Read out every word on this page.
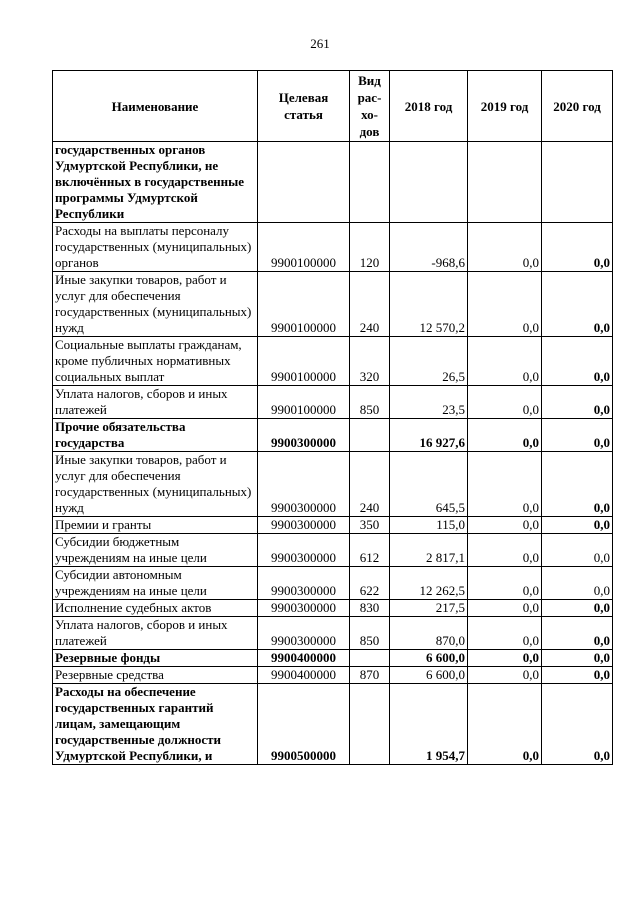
261
Наименование	Целевая статья	Вид рас-хо-дов	2018 год	2019 год	2020 год
государственных органов Удмуртской Республики, не включённых в государственные программы Удмуртской Республики					
Расходы на выплаты персоналу государственных (муниципальных) органов	9900100000	120	-968,6	0,0	0,0
Иные закупки товаров, работ и услуг для обеспечения государственных (муниципальных) нужд	9900100000	240	12 570,2	0,0	0,0
Социальные выплаты гражданам, кроме публичных нормативных социальных выплат	9900100000	320	26,5	0,0	0,0
Уплата налогов, сборов и иных платежей	9900100000	850	23,5	0,0	0,0
Прочие обязательства государства	9900300000		16 927,6	0,0	0,0
Иные закупки товаров, работ и услуг для обеспечения государственных (муниципальных) нужд	9900300000	240	645,5	0,0	0,0
Премии и гранты	9900300000	350	115,0	0,0	0,0
Субсидии бюджетным учреждениям на иные цели	9900300000	612	2 817,1	0,0	0,0
Субсидии автономным учреждениям на иные цели	9900300000	622	12 262,5	0,0	0,0
Исполнение судебных актов	9900300000	830	217,5	0,0	0,0
Уплата налогов, сборов и иных платежей	9900300000	850	870,0	0,0	0,0
Резервные фонды	9900400000		6 600,0	0,0	0,0
Резервные средства	9900400000	870	6 600,0	0,0	0,0
Расходы на обеспечение государственных гарантий лицам, замещающим государственные должности Удмуртской Республики, и	9900500000		1 954,7	0,0	0,0
